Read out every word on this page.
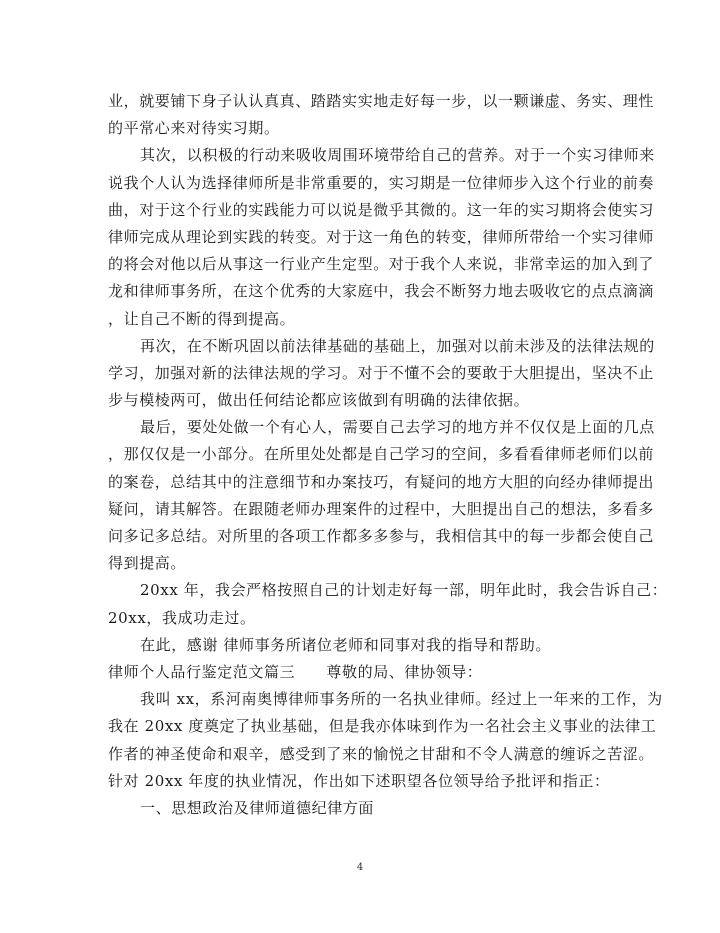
业，就要铺下身子认认真真、踏踏实实地走好每一步，以一颗谦虚、务实、理性
的平常心来对待实习期。
其次，以积极的行动来吸收周围环境带给自己的营养。对于一个实习律师来
说我个人认为选择律师所是非常重要的，实习期是一位律师步入这个行业的前奏
曲，对于这个行业的实践能力可以说是微乎其微的。这一年的实习期将会使实习
律师完成从理论到实践的转变。对于这一角色的转变，律师所带给一个实习律师
的将会对他以后从事这一行业产生定型。对于我个人来说，非常幸运的加入到了
龙和律师事务所，在这个优秀的大家庭中，我会不断努力地去吸收它的点点滴滴
，让自己不断的得到提高。
再次，在不断巩固以前法律基础的基础上，加强对以前未涉及的法律法规的
学习，加强对新的法律法规的学习。对于不懂不会的要敢于大胆提出，坚决不止
步与模棱两可，做出任何结论都应该做到有明确的法律依据。
最后，要处处做一个有心人，需要自己去学习的地方并不仅仅是上面的几点
，那仅仅是一小部分。在所里处处都是自己学习的空间，多看看律师老师们以前
的案卷，总结其中的注意细节和办案技巧，有疑问的地方大胆的向经办律师提出
疑问，请其解答。在跟随老师办理案件的过程中，大胆提出自己的想法，多看多
问多记多总结。对所里的各项工作都多多参与，我相信其中的每一步都会使自己
得到提高。
20xx 年，我会严格按照自己的计划走好每一部，明年此时，我会告诉自己：
20xx，我成功走过。
在此，感谢 律师事务所诸位老师和同事对我的指导和帮助。
律师个人品行鉴定范文篇三　　尊敬的局、律协领导：
我叫 xx，系河南奥博律师事务所的一名执业律师。经过上一年来的工作，为
我在 20xx 度奠定了执业基础，但是我亦体味到作为一名社会主义事业的法律工
作者的神圣使命和艰辛，感受到了来的愉悦之甘甜和不令人满意的缠诉之苦涩。
针对 20xx 年度的执业情况，作出如下述职望各位领导给予批评和指正：
一、思想政治及律师道德纪律方面
4
